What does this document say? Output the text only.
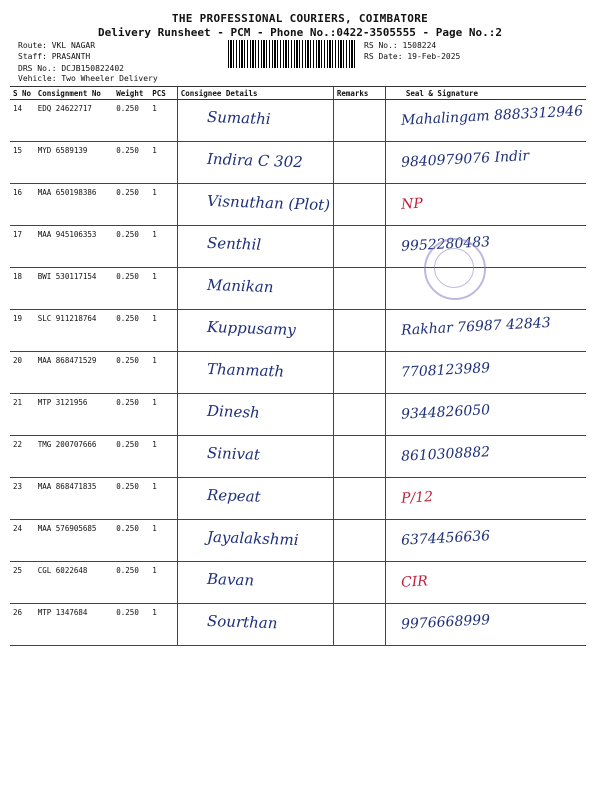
THE PROFESSIONAL COURIERS, COIMBATORE
Delivery Runsheet - PCM - Phone No.:0422-3505555 - Page No.:2
Route: VKL NAGAR
Staff: PRASANTH
DRS No.: DCJB150822402
Vehicle: Two Wheeler Delivery
RS No.: 1508224
RS Date: 19-Feb-2025
S No	Consignment No	Weight	PCS	Consignee Details	Remarks	Seal & Signature
14	EDQ 24622717	0.250	1	Sumathi		Mahalingam 8883312946

15	MYD 6589139	0.250	1	Indira C 302		9840979076 Indir

16	MAA 650198386	0.250	1	Visnuthan (Plot)		NP

17	MAA 945106353	0.250	1	Senthil		9952280483

18	BWI 530117154	0.250	1	Manikan		

19	SLC 911218764	0.250	1	Kuppusamy		Rakhar 76987 42843

20	MAA 868471529	0.250	1	Thanmath		7708123989

21	MTP 3121956	0.250	1	Dinesh		9344826050

22	TMG 200707666	0.250	1	Sinivat		8610308882

23	MAA 868471835	0.250	1	Repeat		P/12

24	MAA 576905685	0.250	1	Jayalakshmi		6374456636

25	CGL 6022648	0.250	1	Bavan		CIR

26	MTP 1347684	0.250	1	Sourthan		9976668999
